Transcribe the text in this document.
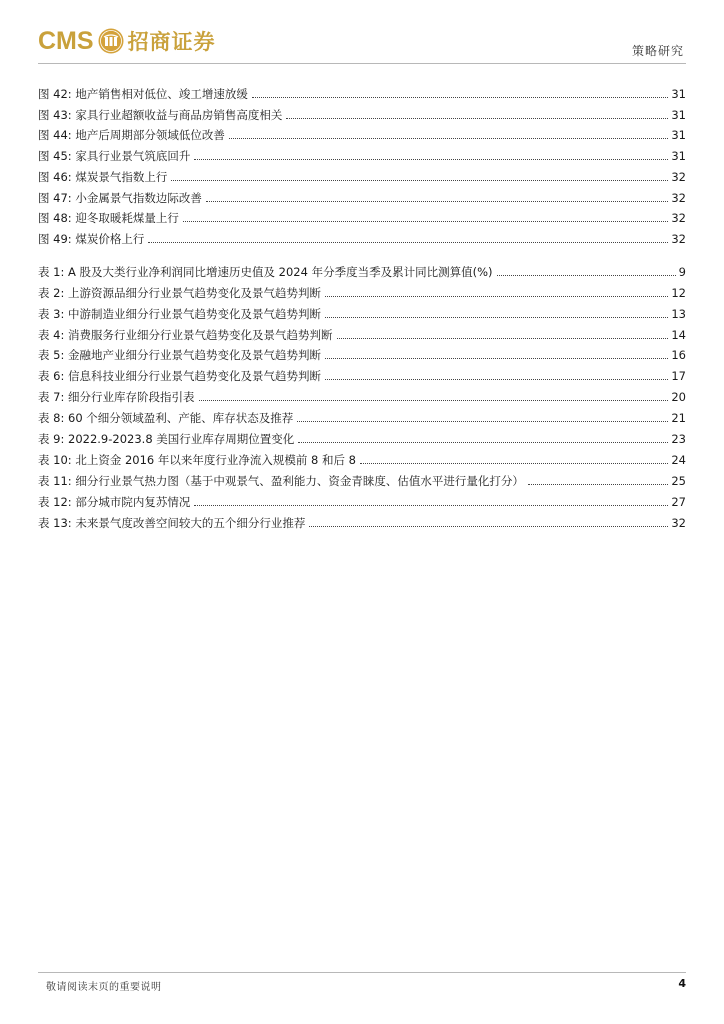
CMS 招商证券	策略研究
图 42: 地产销售相对低位、竣工增速放缓	31
图 43: 家具行业超额收益与商品房销售高度相关	31
图 44: 地产后周期部分领域低位改善	31
图 45: 家具行业景气筑底回升	31
图 46: 煤炭景气指数上行	32
图 47: 小金属景气指数边际改善	32
图 48: 迎冬取暖耗煤量上行	32
图 49: 煤炭价格上行	32
表 1: A 股及大类行业净利润同比增速历史值及 2024 年分季度当季及累计同比测算值(%)	9
表 2: 上游资源品细分行业景气趋势变化及景气趋势判断	12
表 3: 中游制造业细分行业景气趋势变化及景气趋势判断	13
表 4: 消费服务行业细分行业景气趋势变化及景气趋势判断	14
表 5: 金融地产业细分行业景气趋势变化及景气趋势判断	16
表 6: 信息科技业细分行业景气趋势变化及景气趋势判断	17
表 7: 细分行业库存阶段指引表	20
表 8: 60 个细分领域盈利、产能、库存状态及推荐	21
表 9: 2022.9-2023.8 美国行业库存周期位置变化	23
表 10: 北上资金 2016 年以来年度行业净流入规模前 8 和后 8	24
表 11: 细分行业景气热力图（基于中观景气、盈利能力、资金青睐度、估值水平进行量化打分）	25
表 12: 部分城市院内复苏情况	27
表 13: 未来景气度改善空间较大的五个细分行业推荐	32
敬请阅读末页的重要说明	4
